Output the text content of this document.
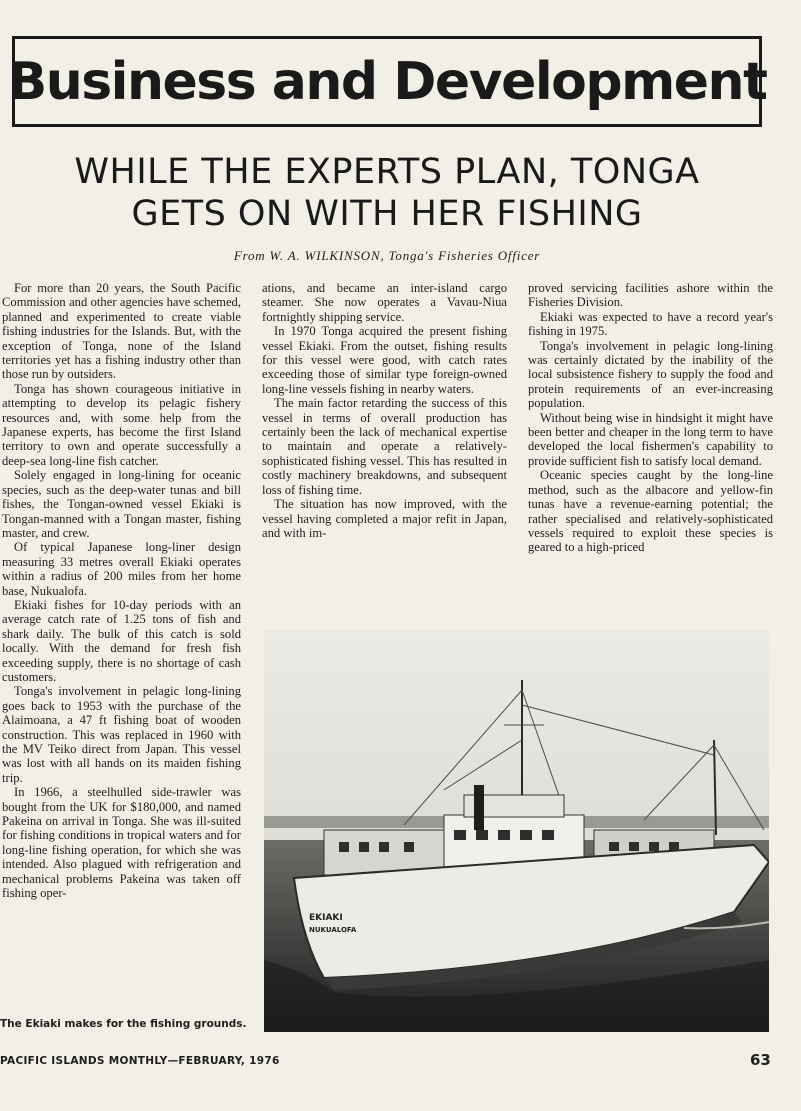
Business and Development
WHILE THE EXPERTS PLAN, TONGA
GETS ON WITH HER FISHING
From W. A. WILKINSON, Tonga's Fisheries Officer

For more than 20 years, the South Pacific Commission and other agencies have schemed, planned and experimented to create viable fishing industries for the Islands. But, with the exception of Tonga, none of the Island territories yet has a fishing industry other than those run by outsiders.

Tonga has shown courageous initiative in attempting to develop its pelagic fishery resources and, with some help from the Japanese experts, has become the first Island territory to own and operate successfully a deep-sea long-line fish catcher.

Solely engaged in long-lining for oceanic species, such as the deep-water tunas and bill fishes, the Tongan-owned vessel Ekiaki is Tongan-manned with a Tongan master, fishing master, and crew.

Of typical Japanese long-liner design measuring 33 metres overall Ekiaki operates within a radius of 200 miles from her home base, Nukualofa.

Ekiaki fishes for 10-day periods with an average catch rate of 1.25 tons of fish and shark daily. The bulk of this catch is sold locally. With the demand for fresh fish exceeding supply, there is no shortage of cash customers.

Tonga's involvement in pelagic long-lining goes back to 1953 with the purchase of the Alaimoana, a 47 ft fishing boat of wooden construction. This was replaced in 1960 with the MV Teiko direct from Japan. This vessel was lost with all hands on its maiden fishing trip.

In 1966, a steelhulled side-trawler was bought from the UK for $180,000, and named Pakeina on arrival in Tonga. She was ill-suited for fishing conditions in tropical waters and for long-line fishing operation, for which she was intended. Also plagued with refrigeration and mechanical problems Pakeina was taken off fishing oper-

ations, and became an inter-island cargo steamer. She now operates a Vavau-Niua fortnightly shipping service.

In 1970 Tonga acquired the present fishing vessel Ekiaki. From the outset, fishing results for this vessel were good, with catch rates exceeding those of similar type foreign-owned long-line vessels fishing in nearby waters.

The main factor retarding the success of this vessel in terms of overall production has certainly been the lack of mechanical expertise to maintain and operate a relatively-sophisticated fishing vessel. This has resulted in costly machinery breakdowns, and subsequent loss of fishing time.

The situation has now improved, with the vessel having completed a major refit in Japan, and with im-

proved servicing facilities ashore within the Fisheries Division.

Ekiaki was expected to have a record year's fishing in 1975.

Tonga's involvement in pelagic long-lining was certainly dictated by the inability of the local subsistence fishery to supply the food and protein requirements of an ever-increasing population.

Without being wise in hindsight it might have been better and cheaper in the long term to have developed the local fishermen's capability to provide sufficient fish to satisfy local demand.

Oceanic species caught by the long-line method, such as the albacore and yellow-fin tunas have a revenue-earning potential; the rather specialised and relatively-sophisticated vessels required to exploit these species is geared to a high-priced

EKIAKI
NUKUALOFA
The Ekiaki makes for the fishing grounds.
PACIFIC ISLANDS MONTHLY—FEBRUARY, 1976	63
